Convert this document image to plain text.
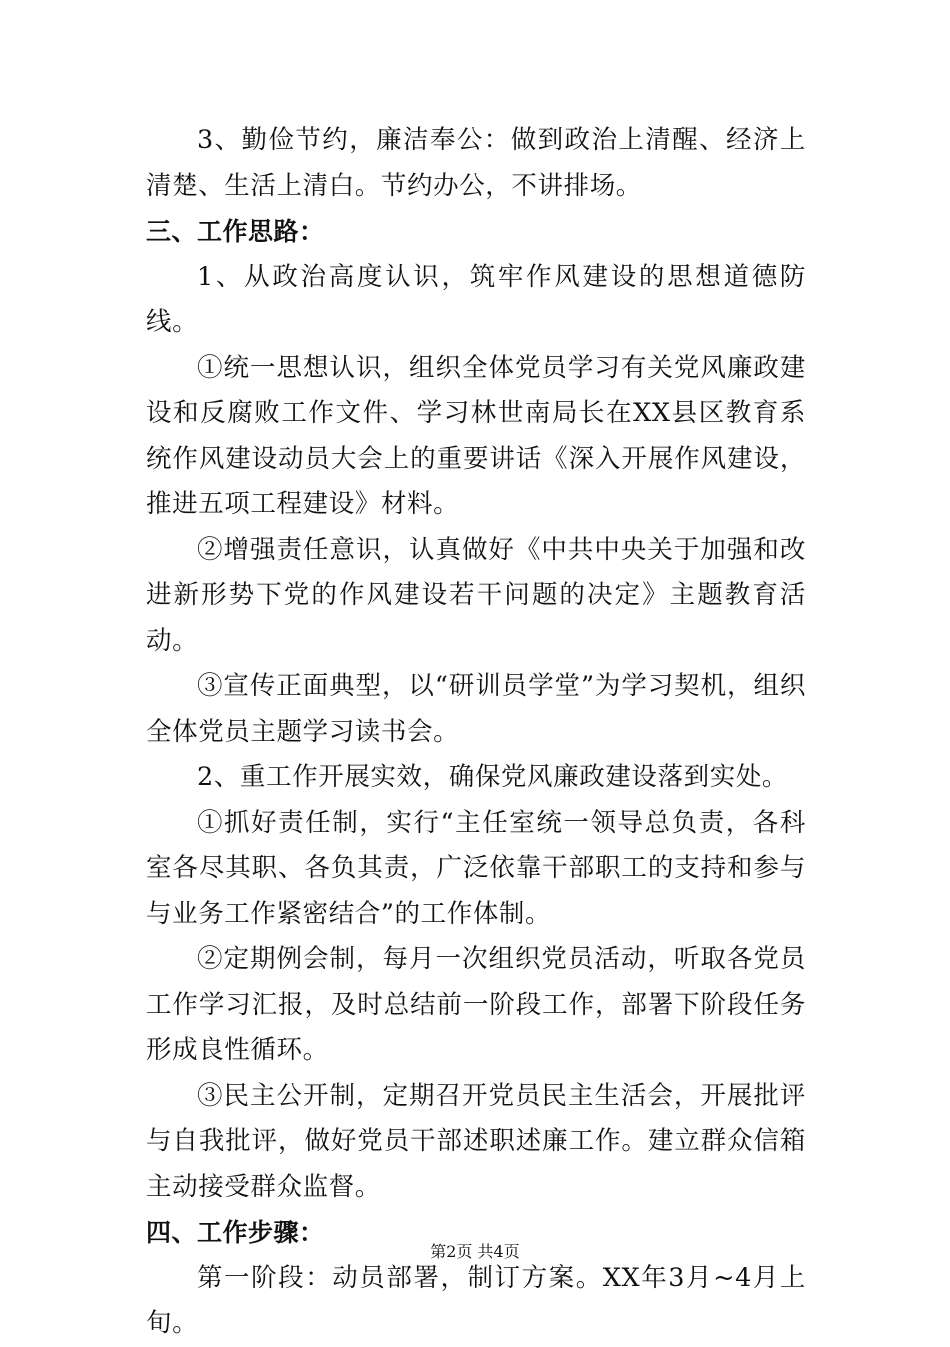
3、勤俭节约，廉洁奉公：做到政治上清醒、经济上清楚、生活上清白。节约办公，不讲排场。

三、工作思路：

1、从政治高度认识，筑牢作风建设的思想道德防线。

①统一思想认识，组织全体党员学习有关党风廉政建设和反腐败工作文件、学习林世南局长在XX县区教育系统作风建设动员大会上的重要讲话《深入开展作风建设，推进五项工程建设》材料。

②增强责任意识，认真做好《中共中央关于加强和改进新形势下党的作风建设若干问题的决定》主题教育活动。

③宣传正面典型，以“研训员学堂”为学习契机，组织全体党员主题学习读书会。

2、重工作开展实效，确保党风廉政建设落到实处。

①抓好责任制，实行“主任室统一领导总负责，各科室各尽其职、各负其责，广泛依靠干部职工的支持和参与与业务工作紧密结合”的工作体制。

②定期例会制，每月一次组织党员活动，听取各党员工作学习汇报，及时总结前一阶段工作，部署下阶段任务形成良性循环。

③民主公开制，定期召开党员民主生活会，开展批评与自我批评，做好党员干部述职述廉工作。建立群众信箱主动接受群众监督。

四、工作步骤：

第一阶段：动员部署，制订方案。XX年3月~4月上旬。

第2页 共4页
